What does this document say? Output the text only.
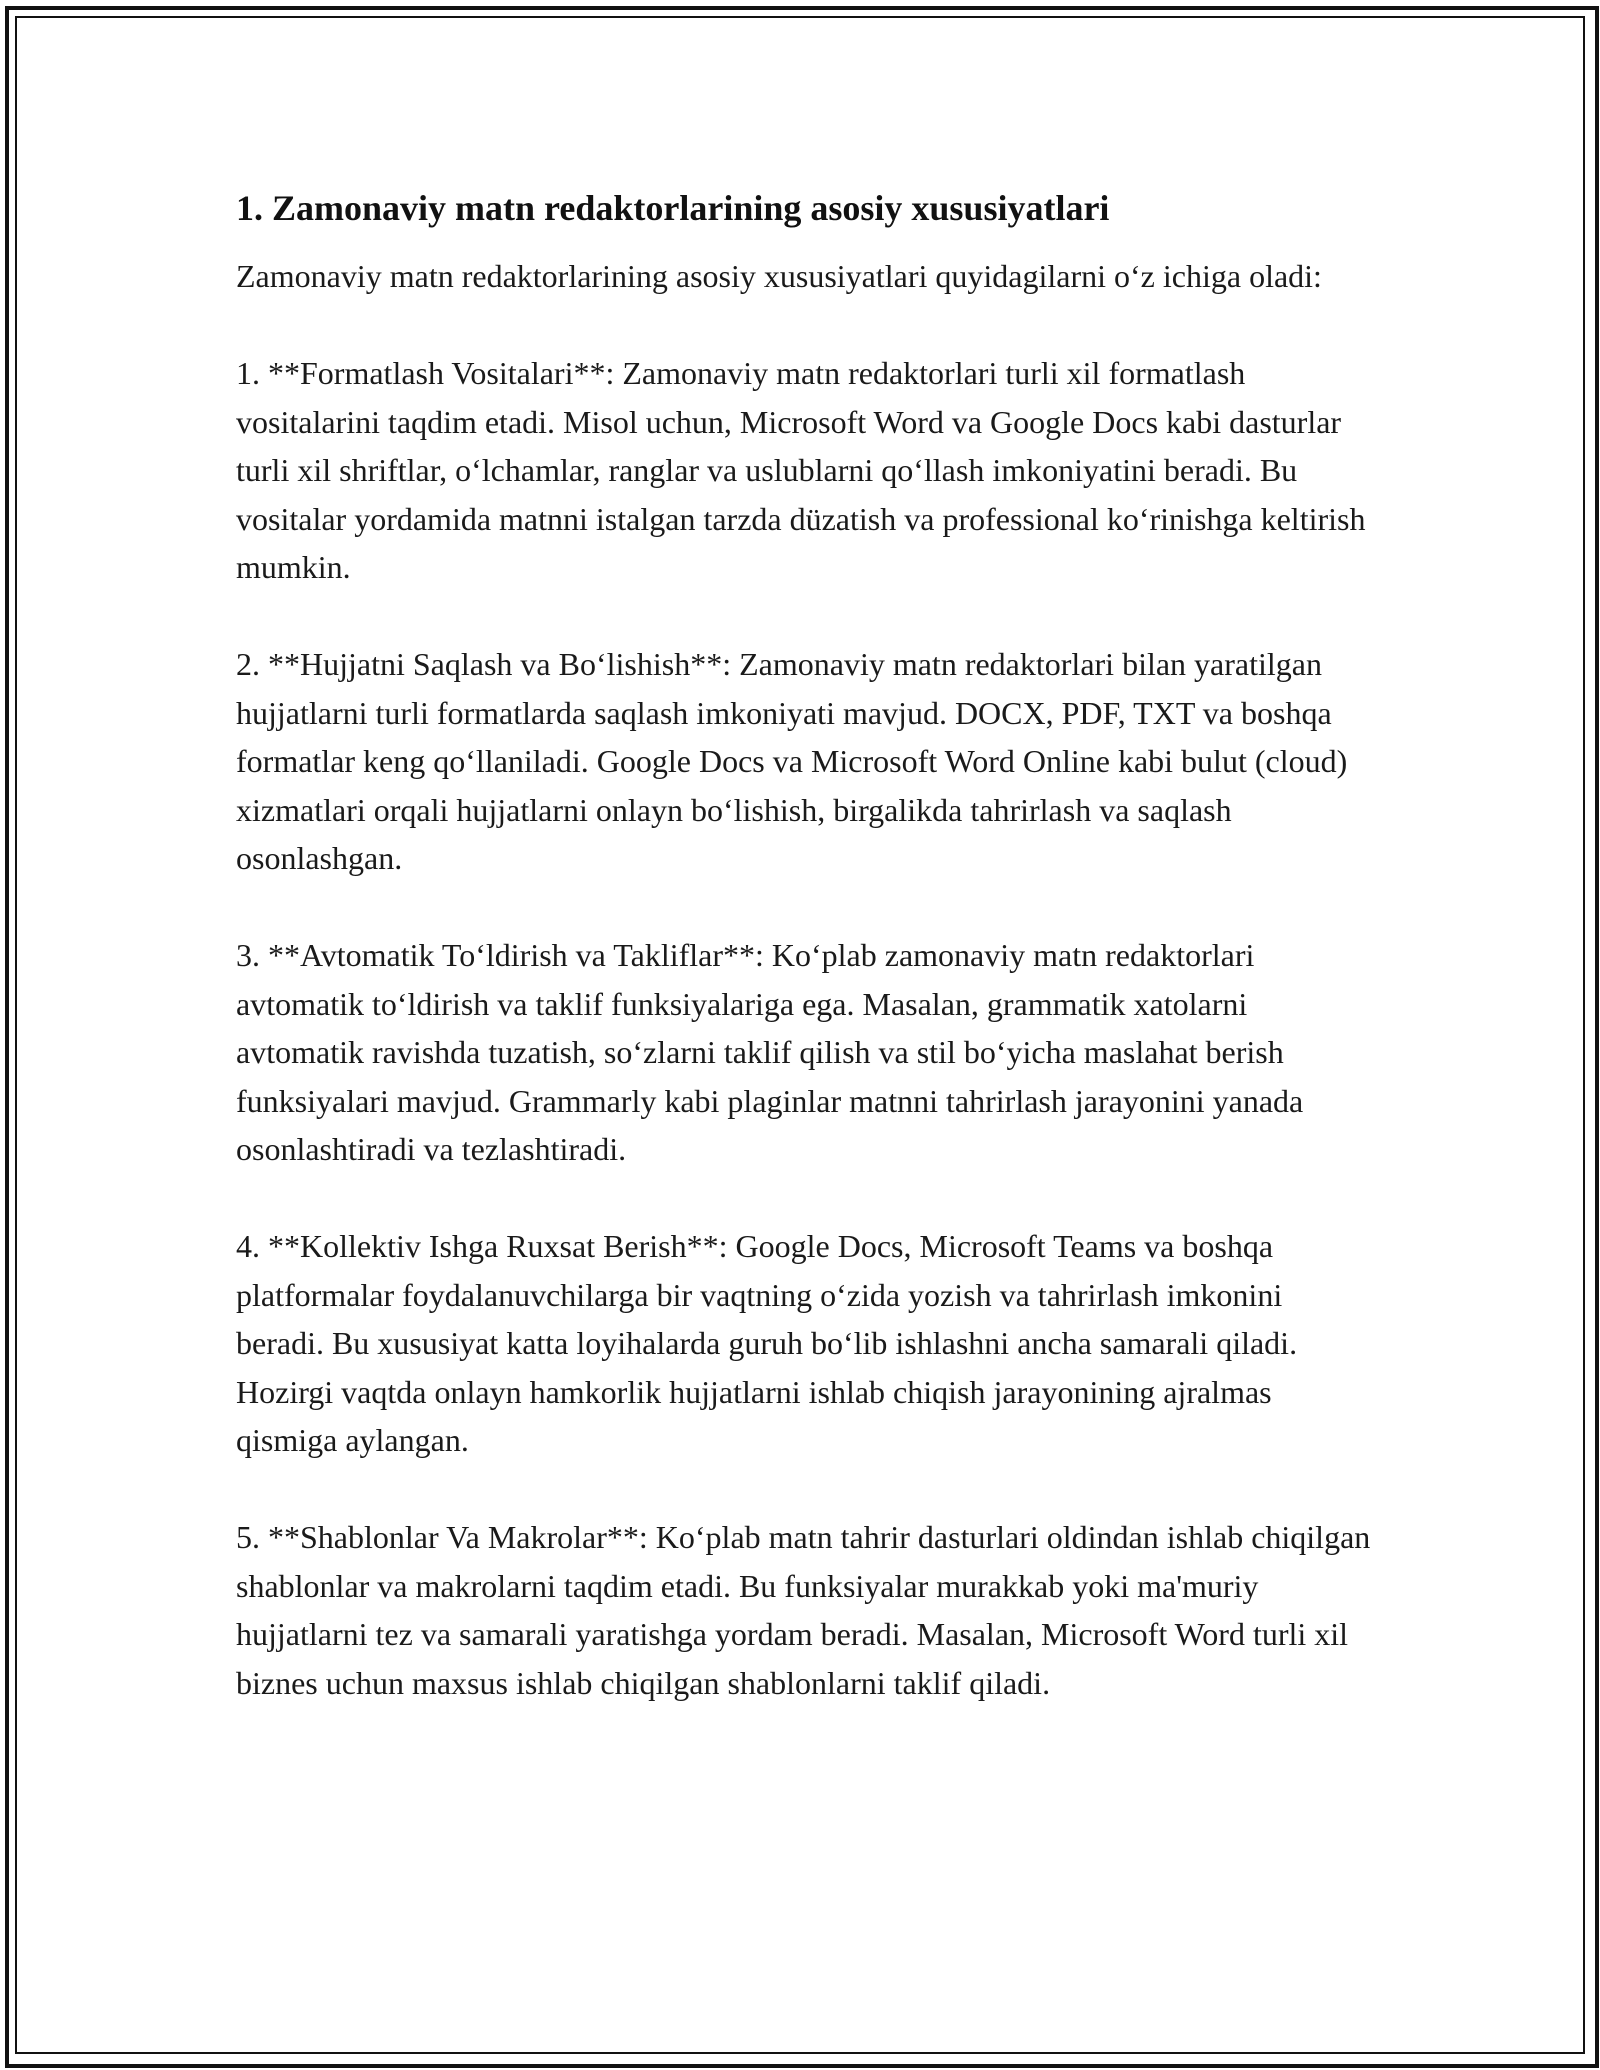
1. Zamonaviy matn redaktorlarining asosiy xususiyatlari

Zamonaviy matn redaktorlarining asosiy xususiyatlari quyidagilarni o‘z ichiga oladi:

1. **Formatlash Vositalari**: Zamonaviy matn redaktorlari turli xil formatlash vositalarini taqdim etadi. Misol uchun, Microsoft Word va Google Docs kabi dasturlar turli xil shriftlar, o‘lchamlar, ranglar va uslublarni qo‘llash imkoniyatini beradi. Bu vositalar yordamida matnni istalgan tarzda düzatish va professional ko‘rinishga keltirish mumkin.

2. **Hujjatni Saqlash va Bo‘lishish**: Zamonaviy matn redaktorlari bilan yaratilgan hujjatlarni turli formatlarda saqlash imkoniyati mavjud. DOCX, PDF, TXT va boshqa formatlar keng qo‘llaniladi. Google Docs va Microsoft Word Online kabi bulut (cloud) xizmatlari orqali hujjatlarni onlayn bo‘lishish, birgalikda tahrirlash va saqlash osonlashgan.

3. **Avtomatik To‘ldirish va Takliflar**: Ko‘plab zamonaviy matn redaktorlari avtomatik to‘ldirish va taklif funksiyalariga ega. Masalan, grammatik xatolarni avtomatik ravishda tuzatish, so‘zlarni taklif qilish va stil bo‘yicha maslahat berish funksiyalari mavjud. Grammarly kabi plaginlar matnni tahrirlash jarayonini yanada osonlashtiradi va tezlashtiradi.

4. **Kollektiv Ishga Ruxsat Berish**: Google Docs, Microsoft Teams va boshqa platformalar foydalanuvchilarga bir vaqtning o‘zida yozish va tahrirlash imkonini beradi. Bu xususiyat katta loyihalarda guruh bo‘lib ishlashni ancha samarali qiladi. Hozirgi vaqtda onlayn hamkorlik hujjatlarni ishlab chiqish jarayonining ajralmas qismiga aylangan.

5. **Shablonlar Va Makrolar**: Ko‘plab matn tahrir dasturlari oldindan ishlab chiqilgan shablonlar va makrolarni taqdim etadi. Bu funksiyalar murakkab yoki ma'muriy hujjatlarni tez va samarali yaratishga yordam beradi. Masalan, Microsoft Word turli xil biznes uchun maxsus ishlab chiqilgan shablonlarni taklif qiladi.
